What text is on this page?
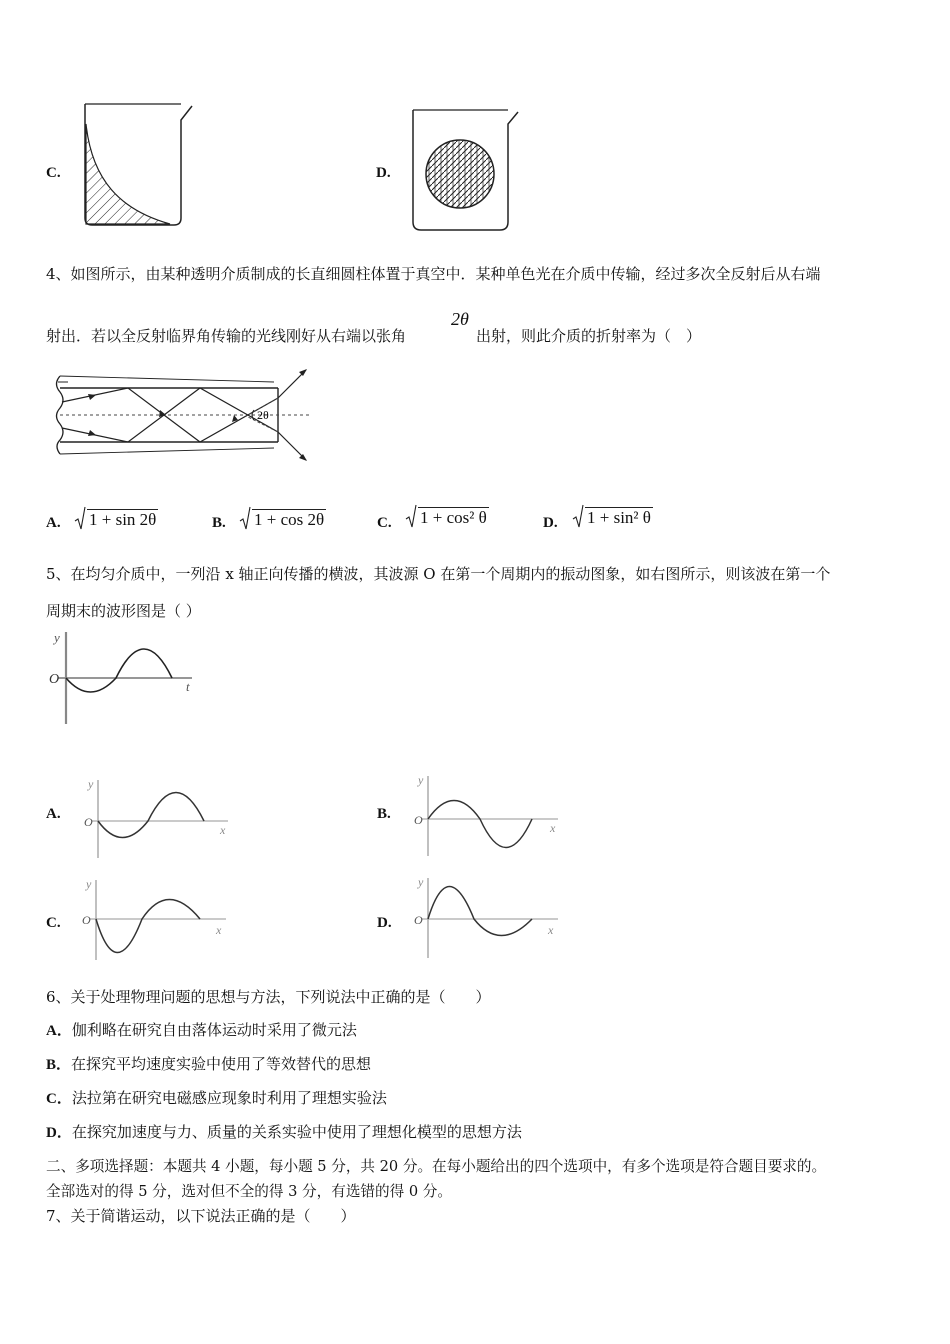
C.	D.
4、如图所示，由某种透明介质制成的长直细圆柱体置于真空中．某种单色光在介质中传输，经过多次全反射后从右端
射出．若以全反射临界角传输的光线刚好从右端以张角
2θ
出射，则此介质的折射率为（　）
2θ
A. 1 + sin 2θ	B. 1 + cos 2θ	C. 1 + cos² θ	D. 1 + sin² θ
5、在均匀介质中，一列沿 x 轴正向传播的横波，其波源 O 在第一个周期内的振动图象，如右图所示，则该波在第一个
周期末的波形图是（ ）
y
O	t
A.
y
O
x
B.
y
O
x
C.
y
O
x	D.
y
O
x
6、关于处理物理问题的思想与方法，下列说法中正确的是（　　）
A．伽利略在研究自由落体运动时采用了微元法
B．在探究平均速度实验中使用了等效替代的思想
C．法拉第在研究电磁感应现象时利用了理想实验法
D．在探究加速度与力、质量的关系实验中使用了理想化模型的思想方法
二、多项选择题：本题共 4 小题，每小题 5 分，共 20 分。在每小题给出的四个选项中，有多个选项是符合题目要求的。
全部选对的得 5 分，选对但不全的得 3 分，有选错的得 0 分。
7、关于简谐运动，以下说法正确的是（　　）
